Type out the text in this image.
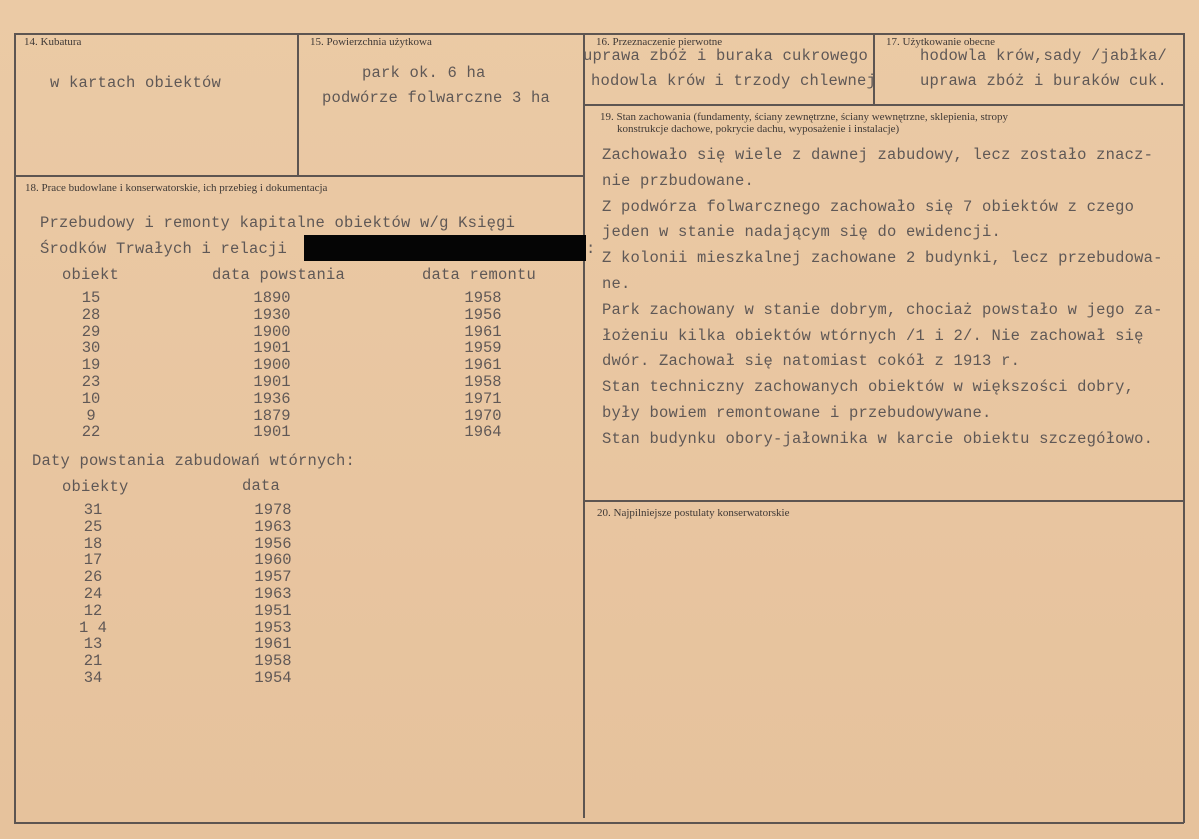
14. Kubatura
w kartach obiektów
15. Powierzchnia użytkowa
park ok. 6 ha
podwórze folwarczne 3 ha
16. Przeznaczenie pierwotne
uprawa zbóż i buraka cukrowego
hodowla krów i trzody chlewnej
17. Użytkowanie obecne
hodowla krów,sady /jabłka/
uprawa zbóż i buraków cuk.
19. Stan zachowania (fundamenty, ściany zewnętrzne, ściany wewnętrzne, sklepienia, stropy
konstrukcje dachowe, pokrycie dachu, wyposażenie i instalacje)
Zachowało się wiele z dawnej zabudowy, lecz zostało znacz-
nie przbudowane.
Z podwórza folwarcznego zachowało się 7 obiektów z czego
jeden w stanie nadającym się do ewidencji.
Z kolonii mieszkalnej zachowane 2 budynki, lecz przebudowa-
ne.
Park zachowany w stanie dobrym, chociaż powstało w jego za-
łożeniu kilka obiektów wtórnych /1 i 2/. Nie zachował się
dwór. Zachował się natomiast cokół z 1913 r.
Stan techniczny zachowanych obiektów w większości dobry,
były bowiem remontowane i przebudowywane.
Stan budynku obory-jałownika w karcie obiektu szczegółowo.
20. Najpilniejsze postulaty konserwatorskie
18. Prace budowlane i konserwatorskie, ich przebieg i dokumentacja
Przebudowy i remonty kapitalne obiektów w/g Księgi
Środków Trwałych i relacji	:
obiekt	data powstania	data remontu
15	1890	1958
28	1930	1956
29	1900	1961
30	1901	1959
19	1900	1961
23	1901	1958
10	1936	1971
9	1879	1970
22	1901	1964
Daty powstania zabudowań wtórnych:
obiekty	data
31	1978
25	1963
18	1956
17	1960
26	1957
24	1963
12	1951
1 4	1953
13	1961
21	1958
34	1954
